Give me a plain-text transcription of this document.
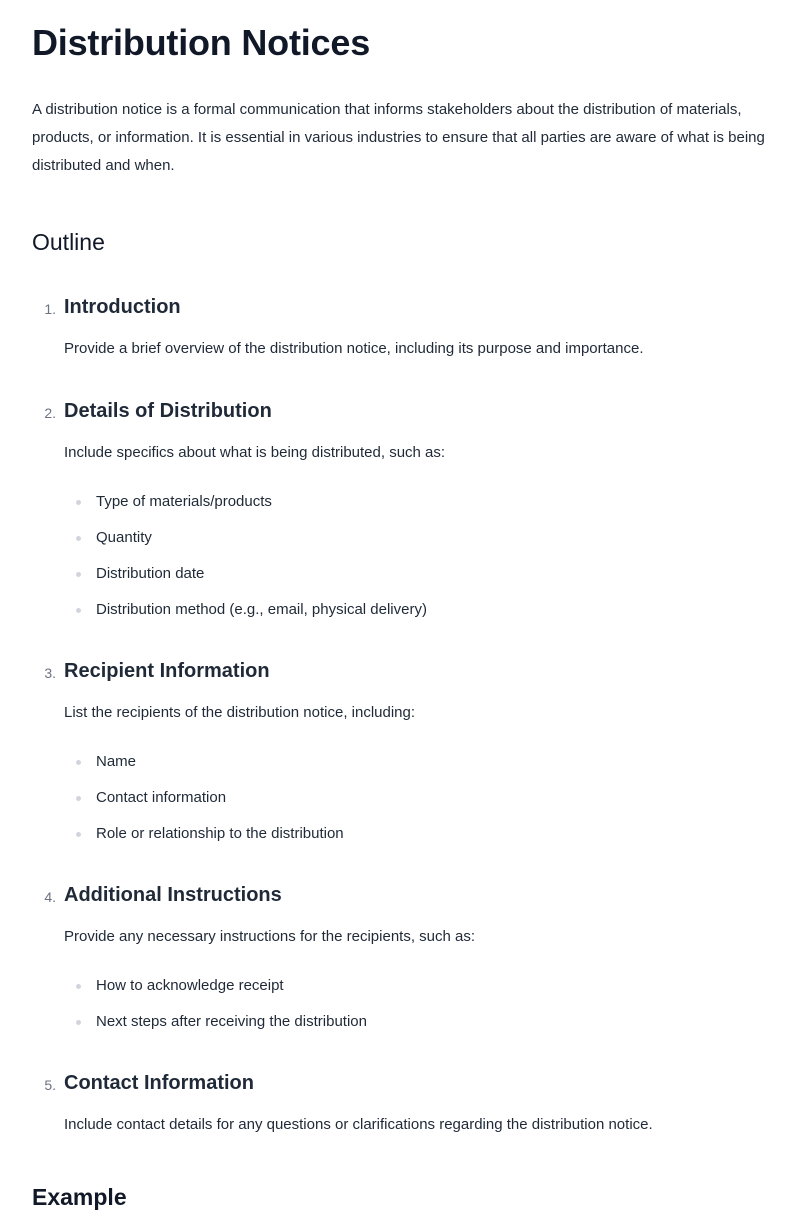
Distribution Notices

A distribution notice is a formal communication that informs stakeholders about the distribution of materials, products, or information. It is essential in various industries to ensure that all parties are aware of what is being distributed and when.

Outline
1. Introduction

Provide a brief overview of the distribution notice, including its purpose and importance.

2. Details of Distribution

Include specifics about what is being distributed, such as:

Type of materials/products
Quantity
Distribution date
Distribution method (e.g., email, physical delivery)
3. Recipient Information

List the recipients of the distribution notice, including:

Name
Contact information
Role or relationship to the distribution
4. Additional Instructions

Provide any necessary instructions for the recipients, such as:

How to acknowledge receipt
Next steps after receiving the distribution
5. Contact Information

Include contact details for any questions or clarifications regarding the distribution notice.

Example
